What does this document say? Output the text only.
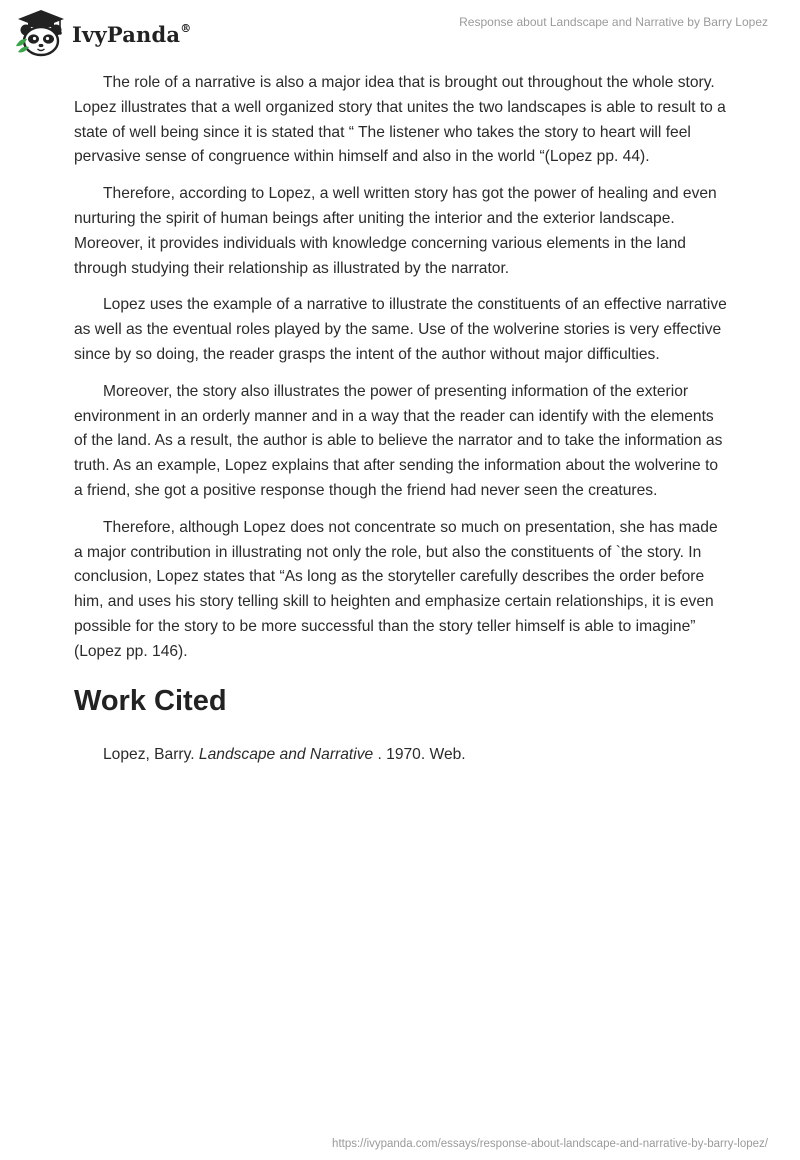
IvyPanda®	Response about Landscape and Narrative by Barry Lopez

The role of a narrative is also a major idea that is brought out throughout the whole story. Lopez illustrates that a well organized story that unites the two landscapes is able to result to a state of well being since it is stated that “ The listener who takes the story to heart will feel pervasive sense of congruence within himself and also in the world “(Lopez pp. 44).

Therefore, according to Lopez, a well written story has got the power of healing and even nurturing the spirit of human beings after uniting the interior and the exterior landscape. Moreover, it provides individuals with knowledge concerning various elements in the land through studying their relationship as illustrated by the narrator.

Lopez uses the example of a narrative to illustrate the constituents of an effective narrative as well as the eventual roles played by the same. Use of the wolverine stories is very effective since by so doing, the reader grasps the intent of the author without major difficulties.

Moreover, the story also illustrates the power of presenting information of the exterior environment in an orderly manner and in a way that the reader can identify with the elements of the land. As a result, the author is able to believe the narrator and to take the information as truth. As an example, Lopez explains that after sending the information about the wolverine to a friend, she got a positive response though the friend had never seen the creatures.

Therefore, although Lopez does not concentrate so much on presentation, she has made a major contribution in illustrating not only the role, but also the constituents of `the story. In conclusion, Lopez states that “As long as the storyteller carefully describes the order before him, and uses his story telling skill to heighten and emphasize certain relationships, it is even possible for the story to be more successful than the story teller himself is able to imagine” (Lopez pp. 146).

Work Cited
Lopez, Barry. Landscape and Narrative . 1970. Web.
https://ivypanda.com/essays/response-about-landscape-and-narrative-by-barry-lopez/
